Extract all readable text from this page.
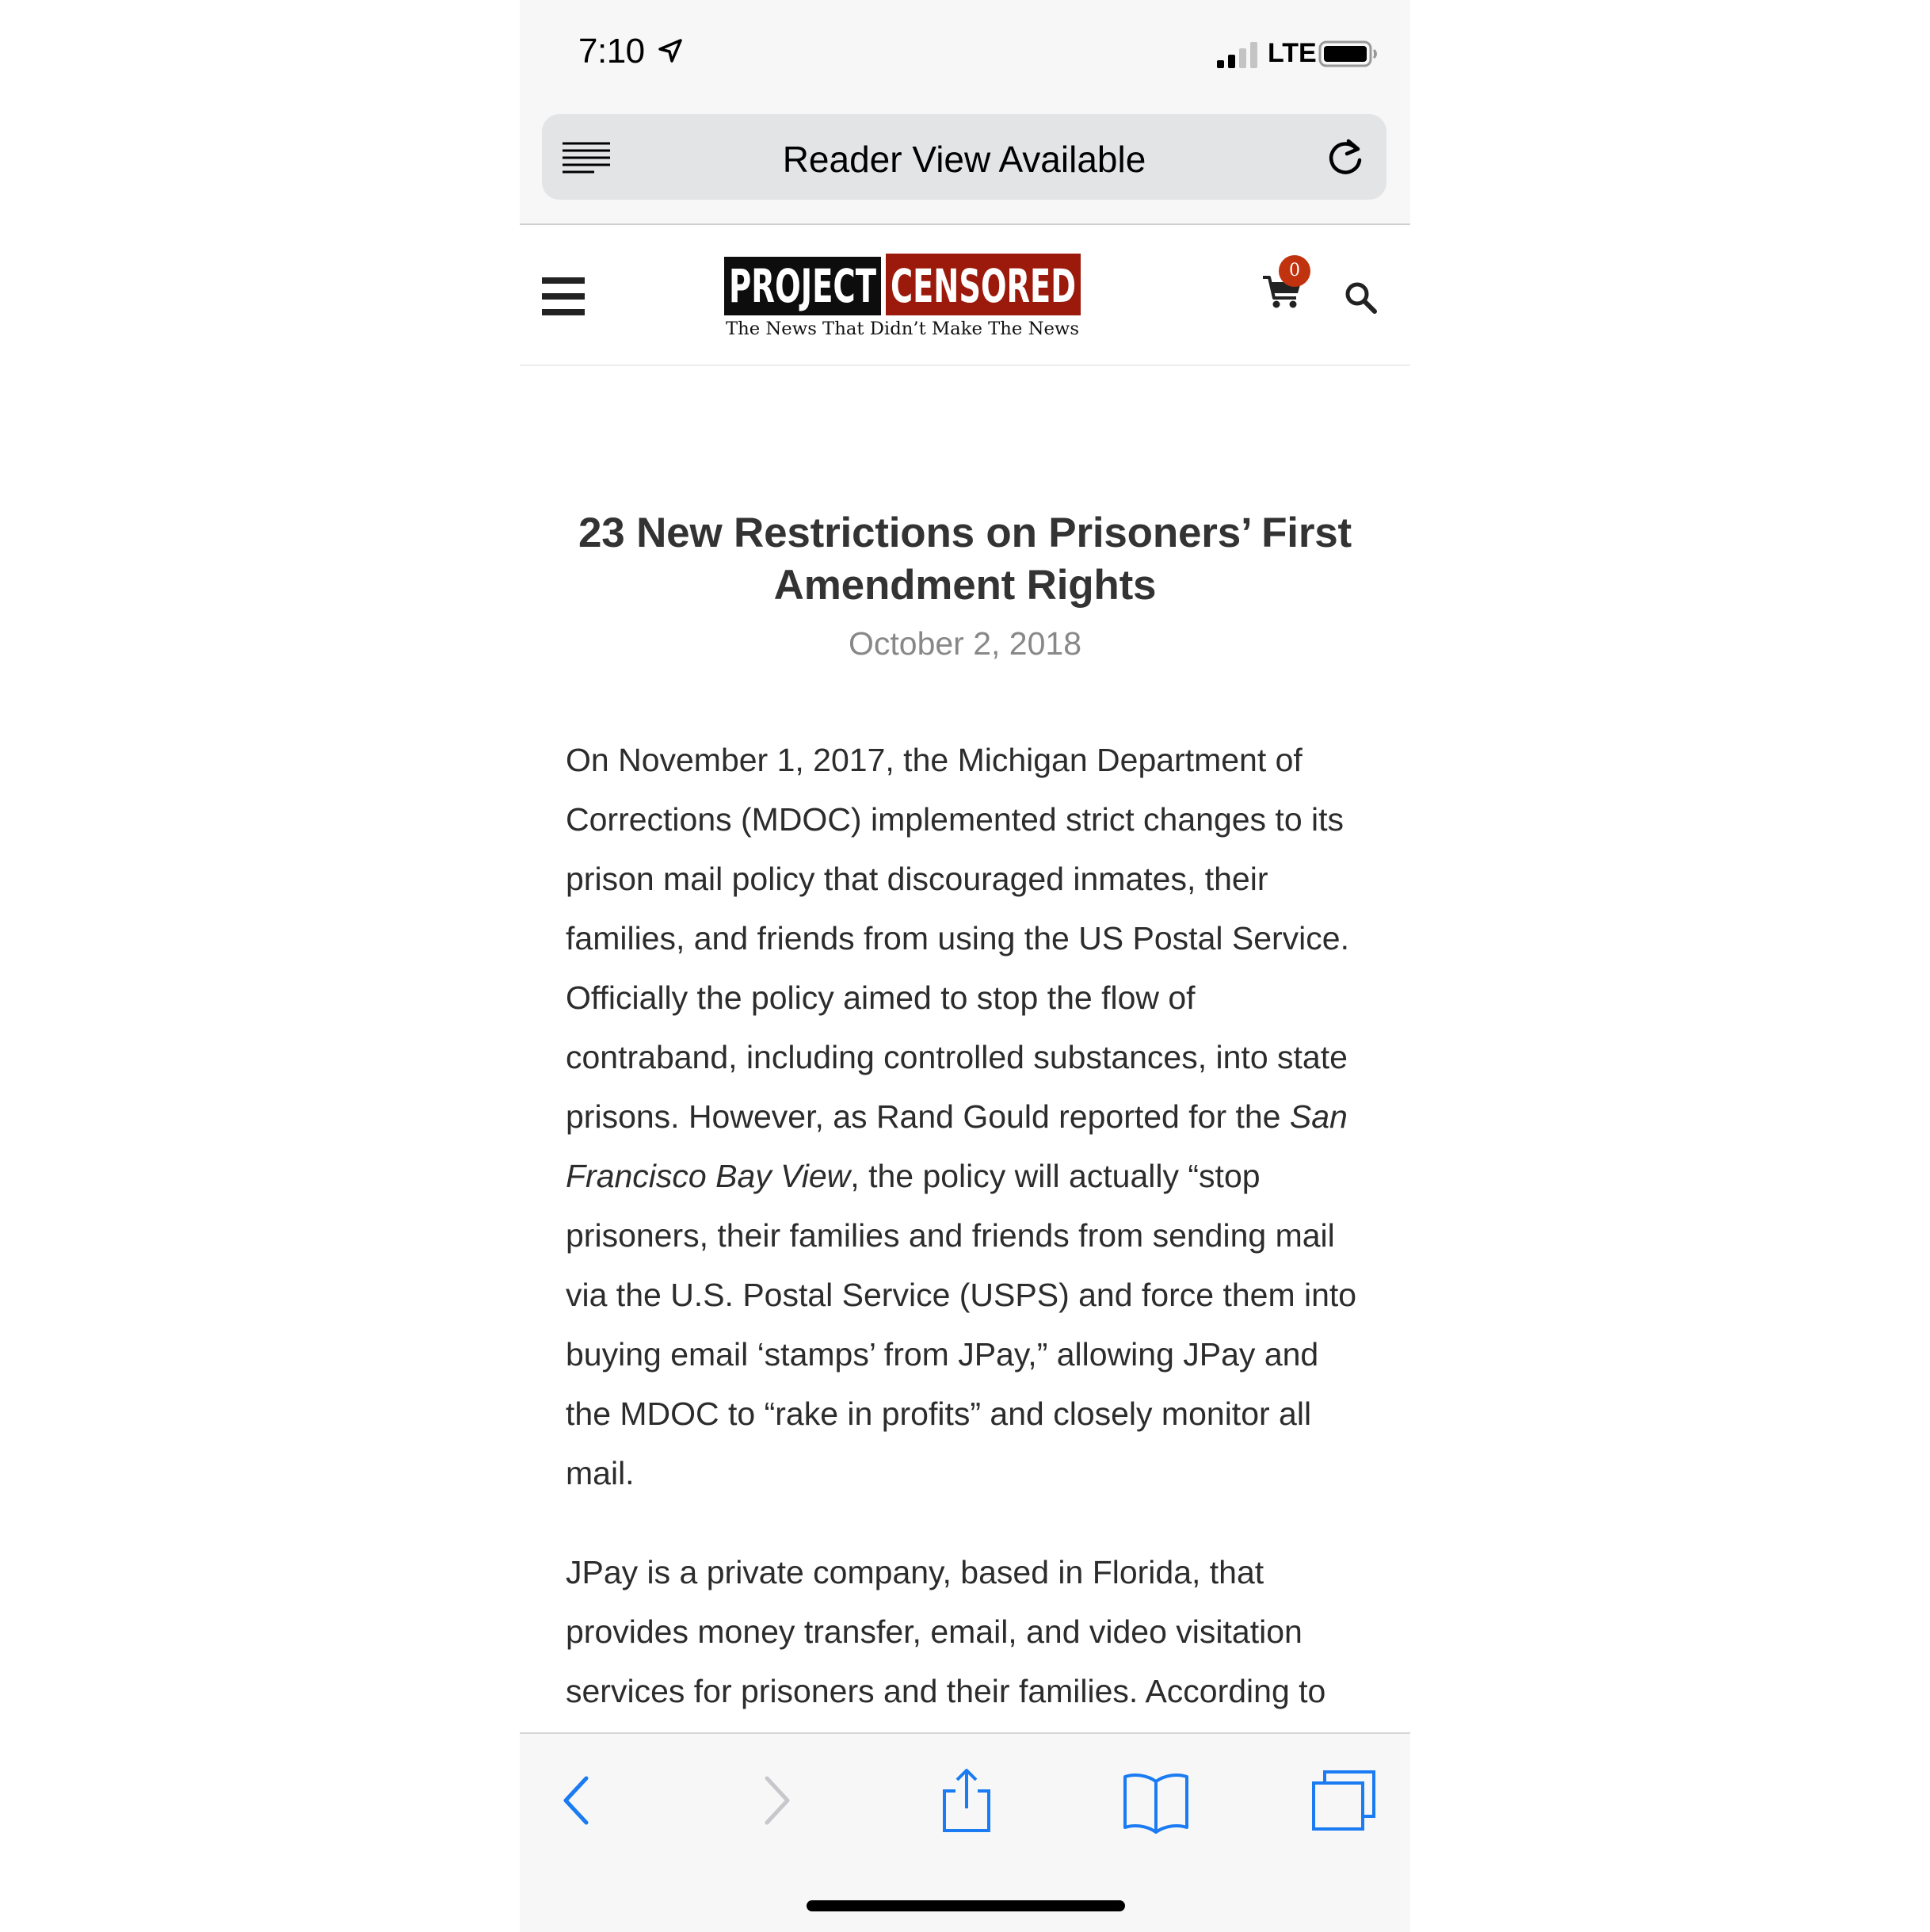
7:10	LTE
Reader View Available
PROJECT CENSORED
The News That Didn’t Make The News
0
23 New Restrictions on Prisoners’ First Amendment Rights
October 2, 2018

On November 1, 2017, the Michigan Department of Corrections (MDOC) implemented strict changes to its prison mail policy that discouraged inmates, their families, and friends from using the US Postal Service. Officially the policy aimed to stop the flow of contraband, including controlled substances, into state prisons. However, as Rand Gould reported for the San Francisco Bay View, the policy will actually “stop prisoners, their families and friends from sending mail via the U.S. Postal Service (USPS) and force them into buying email ‘stamps’ from JPay,” allowing JPay and the MDOC to “rake in profits” and closely monitor all mail.

JPay is a private company, based in Florida, that provides money transfer, email, and video visitation services for prisoners and their families. According to
